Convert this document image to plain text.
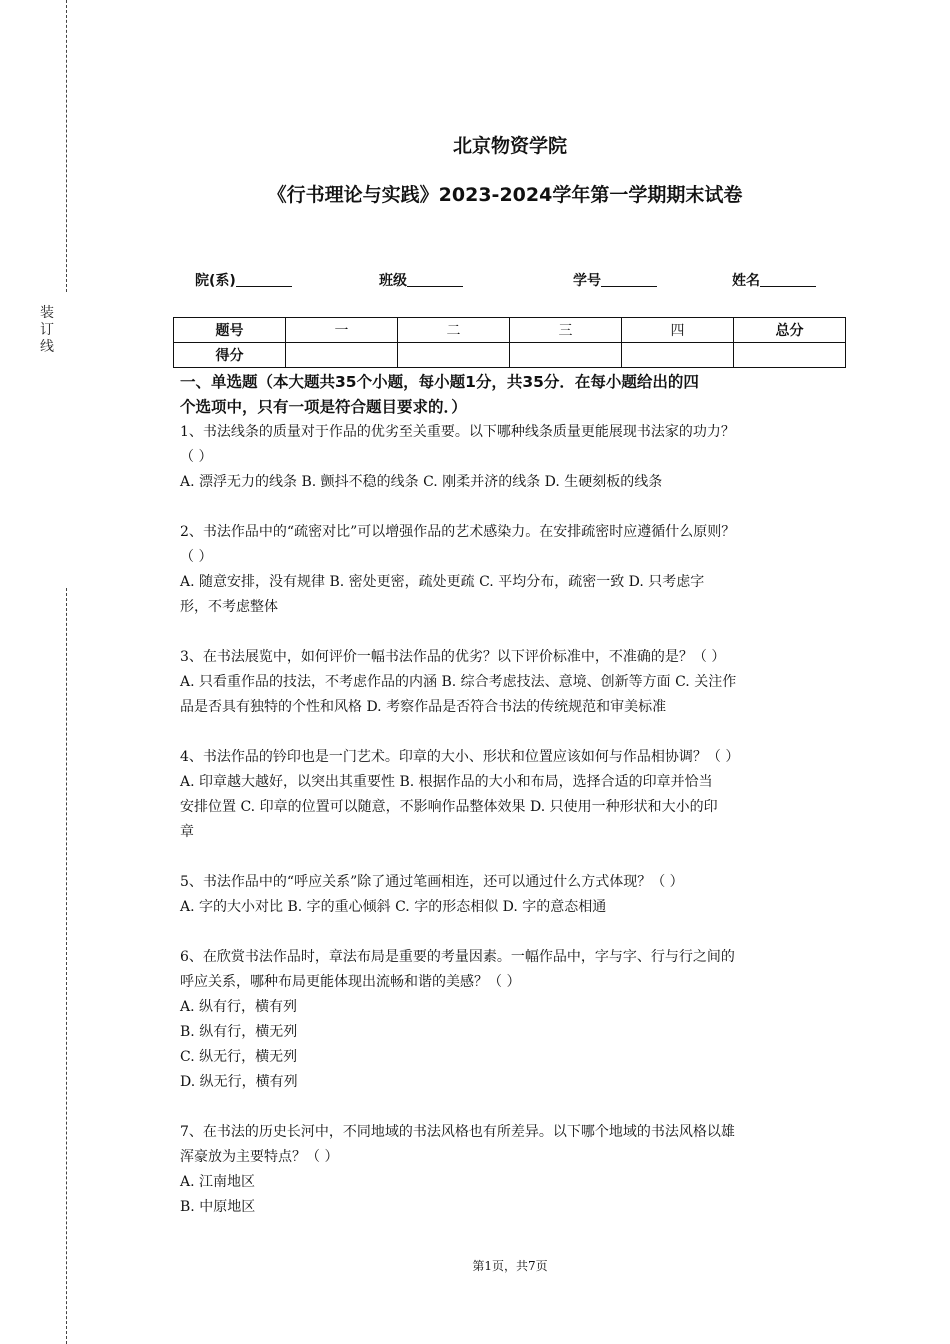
装
订
线
北京物资学院
《行书理论与实践》2023-2024学年第一学期期末试卷
院(系)	班级	学号	姓名
题号	一	二	三	四	总分
得分					
一、单选题（本大题共35个小题，每小题1分，共35分．在每小题给出的四
个选项中，只有一项是符合题目要求的．）

1、书法线条的质量对于作品的优劣至关重要。以下哪种线条质量更能展现书法家的功力？

（ ）

A. 漂浮无力的线条 B. 颤抖不稳的线条 C. 刚柔并济的线条 D. 生硬刻板的线条

2、书法作品中的“疏密对比”可以增强作品的艺术感染力。在安排疏密时应遵循什么原则？

（ ）

A. 随意安排，没有规律 B. 密处更密，疏处更疏 C. 平均分布，疏密一致 D. 只考虑字

形，不考虑整体

3、在书法展览中，如何评价一幅书法作品的优劣？以下评价标准中，不准确的是？（ ）

A. 只看重作品的技法，不考虑作品的内涵 B. 综合考虑技法、意境、创新等方面 C. 关注作

品是否具有独特的个性和风格 D. 考察作品是否符合书法的传统规范和审美标准

4、书法作品的钤印也是一门艺术。印章的大小、形状和位置应该如何与作品相协调？（ ）

A. 印章越大越好，以突出其重要性 B. 根据作品的大小和布局，选择合适的印章并恰当

安排位置 C. 印章的位置可以随意，不影响作品整体效果 D. 只使用一种形状和大小的印

章

5、书法作品中的“呼应关系”除了通过笔画相连，还可以通过什么方式体现？（ ）

A. 字的大小对比 B. 字的重心倾斜 C. 字的形态相似 D. 字的意态相通

6、在欣赏书法作品时，章法布局是重要的考量因素。一幅作品中，字与字、行与行之间的

呼应关系，哪种布局更能体现出流畅和谐的美感？（ ）

A. 纵有行，横有列

B. 纵有行，横无列

C. 纵无行，横无列

D. 纵无行，横有列

7、在书法的历史长河中，不同地域的书法风格也有所差异。以下哪个地域的书法风格以雄

浑豪放为主要特点？（ ）

A. 江南地区

B. 中原地区

第1页，共7页
